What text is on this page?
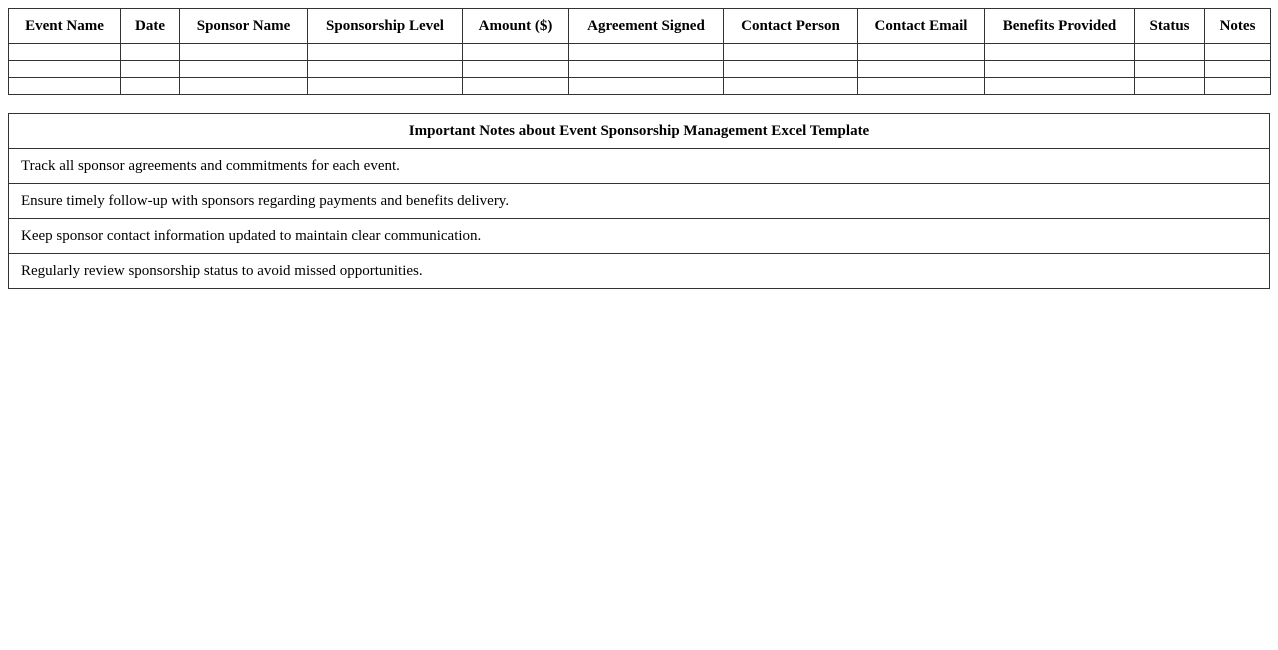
Event Name	Date	Sponsor Name	Sponsorship Level	Amount ($)	Agreement Signed	Contact Person	Contact Email	Benefits Provided	Status	Notes

Important Notes about Event Sponsorship Management Excel Template
Track all sponsor agreements and commitments for each event.
Ensure timely follow-up with sponsors regarding payments and benefits delivery.
Keep sponsor contact information updated to maintain clear communication.
Regularly review sponsorship status to avoid missed opportunities.
